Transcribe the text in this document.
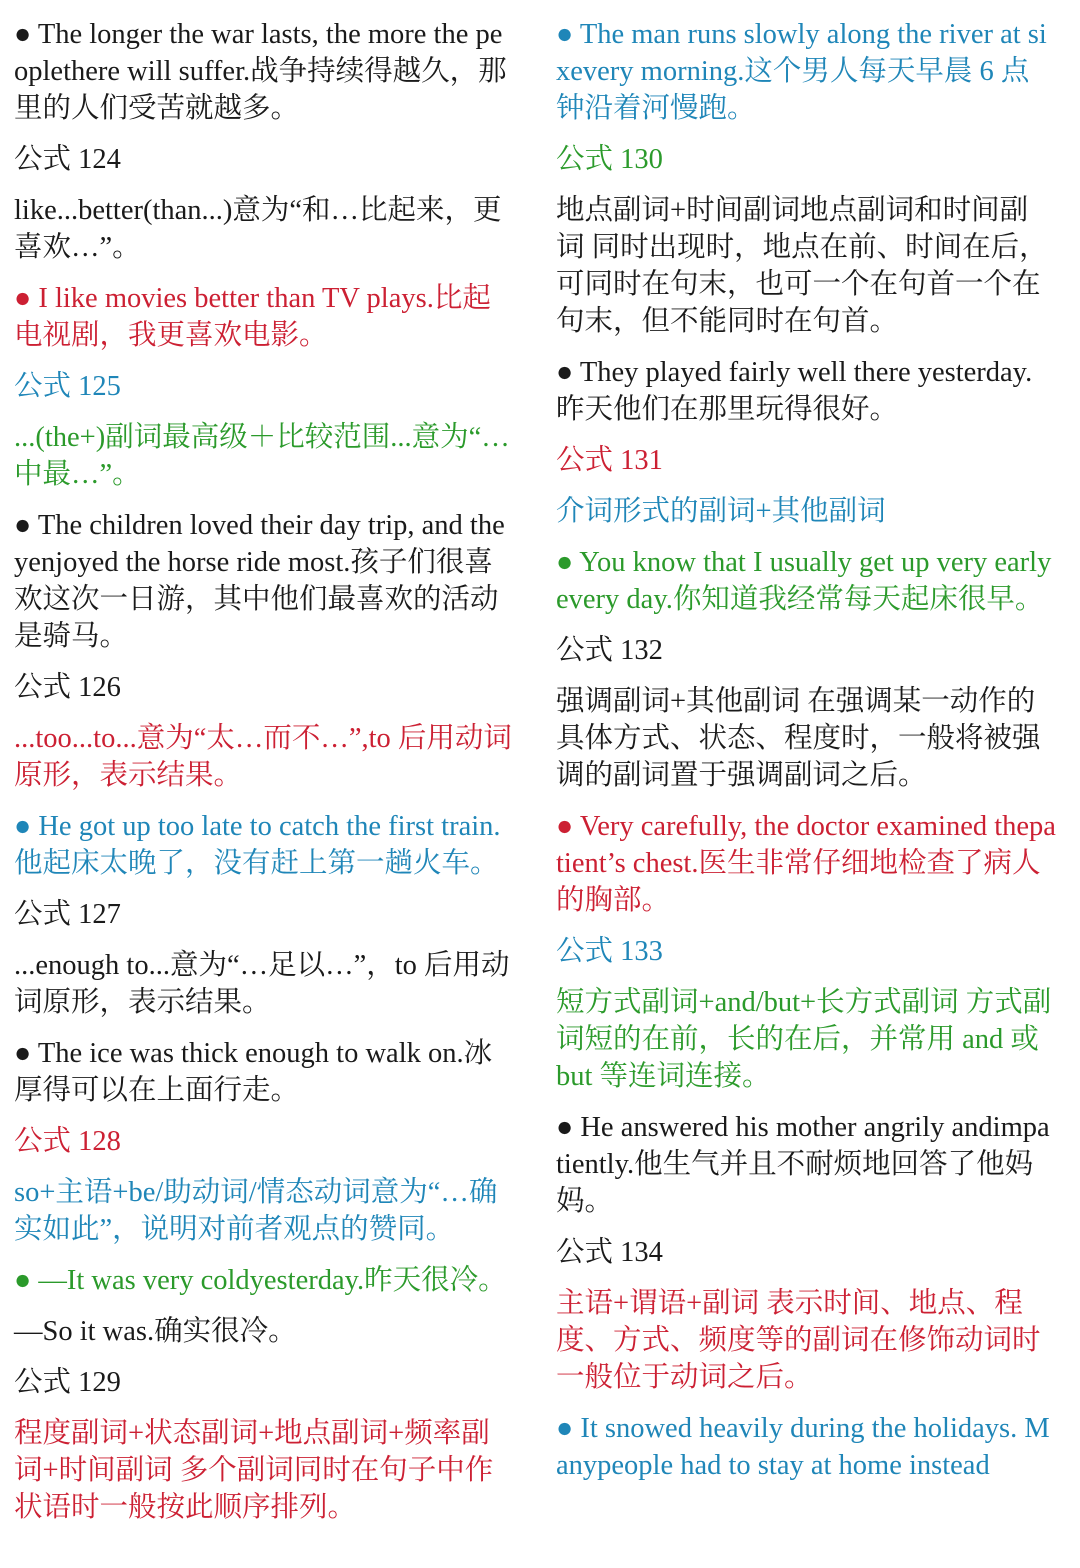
● The longer the war lasts, the more the peoplethere will suffer.战争持续得越久，那里的人们受苦就越多。

公式 124

like...better(than...)意为“和…比起来，更喜欢…”。

● I like movies better than TV plays.比起电视剧，我更喜欢电影。

公式 125

...(the+)副词最高级＋比较范围...意为“…中最…”。

● The children loved their day trip, and theyenjoyed the horse ride most.孩子们很喜欢这次一日游，其中他们最喜欢的活动是骑马。

公式 126

...too...to...意为“太…而不…”,to 后用动词原形，表示结果。

● He got up too late to catch the first train.他起床太晚了，没有赶上第一趟火车。

公式 127

...enough to...意为“…足以…”，to 后用动词原形，表示结果。

● The ice was thick enough to walk on.冰厚得可以在上面行走。

公式 128

so+主语+be/助动词/情态动词意为“…确实如此”，说明对前者观点的赞同。

● —It was very coldyesterday.昨天很冷。

—So it was.确实很冷。

公式 129

程度副词+状态副词+地点副词+频率副词+时间副词 多个副词同时在句子中作状语时一般按此顺序排列。

● The man runs slowly along the river at sixevery morning.这个男人每天早晨 6 点钟沿着河慢跑。

公式 130

地点副词+时间副词地点副词和时间副词 同时出现时，地点在前、时间在后，可同时在句末，也可一个在句首一个在句末，但不能同时在句首。

● They played fairly well there yesterday.昨天他们在那里玩得很好。

公式 131

介词形式的副词+其他副词

● You know that I usually get up very earlyevery day.你知道我经常每天起床很早。

公式 132

强调副词+其他副词 在强调某一动作的具体方式、状态、程度时，一般将被强调的副词置于强调副词之后。

● Very carefully, the doctor examined thepatient’s chest.医生非常仔细地检查了病人的胸部。

公式 133

短方式副词+and/but+长方式副词 方式副词短的在前，长的在后，并常用 and 或 but 等连词连接。

● He answered his mother angrily andimpatiently.他生气并且不耐烦地回答了他妈妈。

公式 134

主语+谓语+副词 表示时间、地点、程度、方式、频度等的副词在修饰动词时一般位于动词之后。

● It snowed heavily during the holidays. Manypeople had to stay at home instead
